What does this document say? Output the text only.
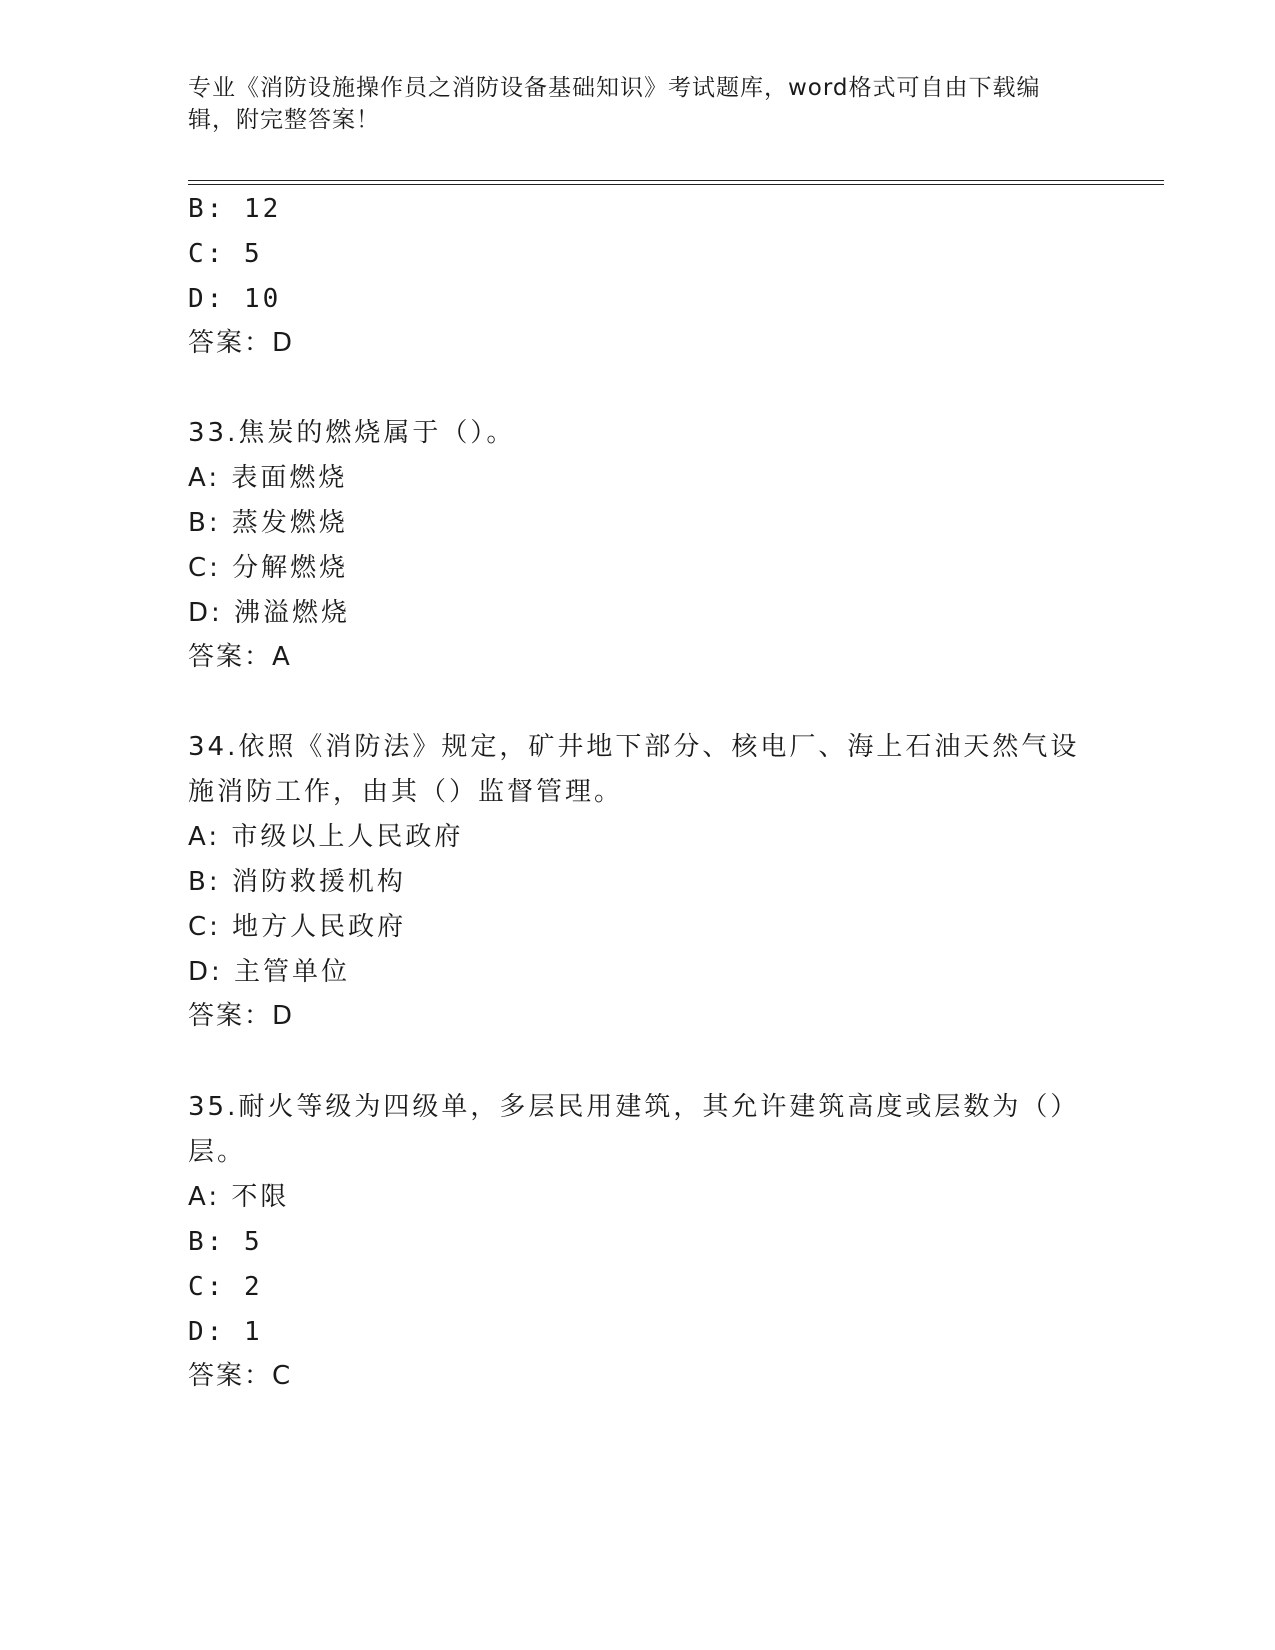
专业《消防设施操作员之消防设备基础知识》考试题库，word格式可自由下载编
辑，附完整答案！
B: 12
C: 5
D: 10
答案：D
33.焦炭的燃烧属于（）。
A: 表面燃烧
B: 蒸发燃烧
C: 分解燃烧
D: 沸溢燃烧
答案：A
34.依照《消防法》规定，矿井地下部分、核电厂、海上石油天然气设
施消防工作，由其（）监督管理。
A: 市级以上人民政府
B: 消防救援机构
C: 地方人民政府
D: 主管单位
答案：D
35.耐火等级为四级单，多层民用建筑，其允许建筑高度或层数为（）
层。
A: 不限
B: 5
C: 2
D: 1
答案：C
